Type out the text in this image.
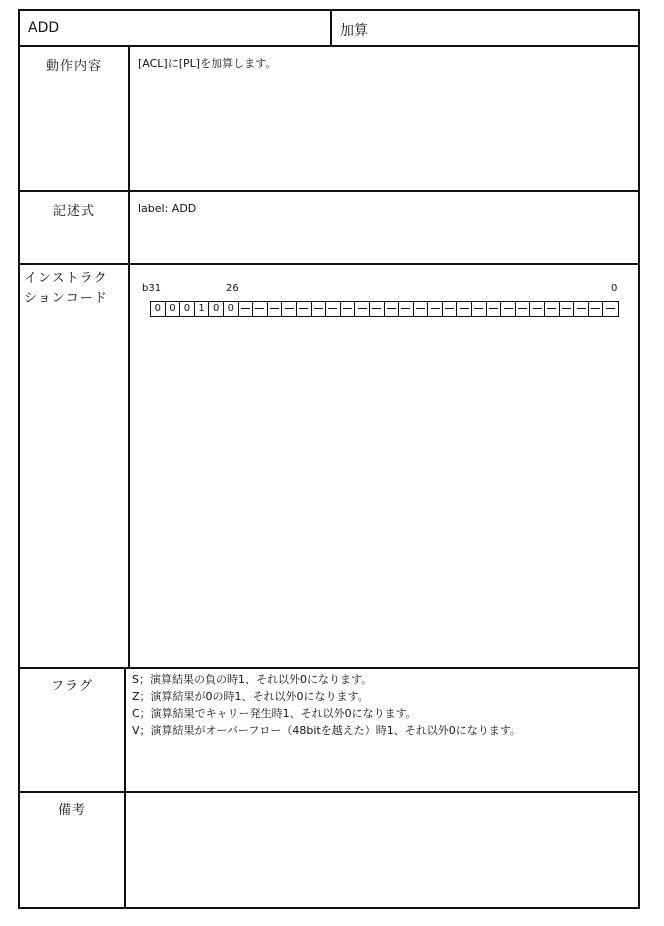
ADD	加算
動作内容	[ACL]に[PL]を加算します。
記述式	label: ADD
インストラク
ションコード
b31	26	0
0 0 0 1 0 0
フラグ	S；演算結果の負の時1、それ以外0になります。
Z；演算結果が0の時1、それ以外0になります。
C；演算結果でキャリー発生時1、それ以外0になります。
V；演算結果がオーバーフロー（48bitを越えた）時1、それ以外0になります。
備考
